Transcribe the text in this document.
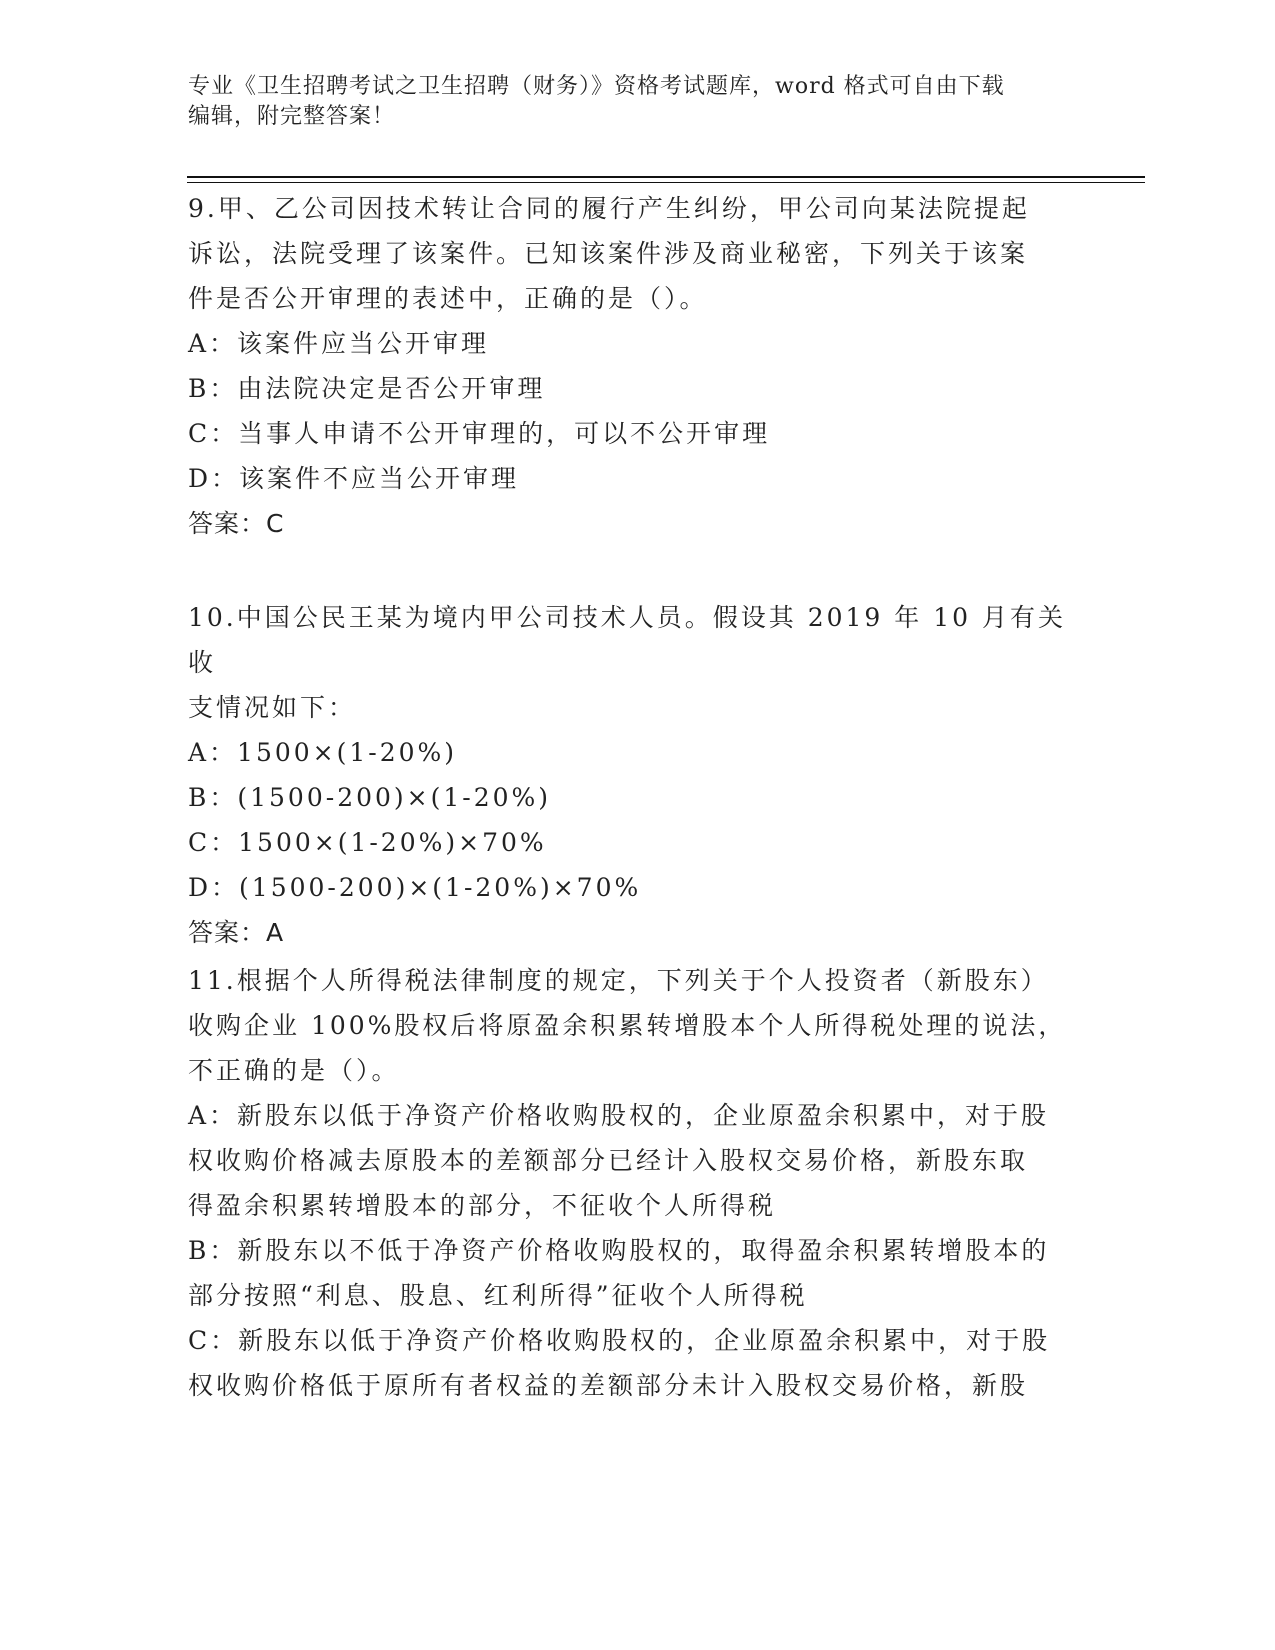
专业《卫生招聘考试之卫生招聘（财务）》资格考试题库，word 格式可自由下载
编辑，附完整答案！

9.甲、乙公司因技术转让合同的履行产生纠纷，甲公司向某法院提起

诉讼，法院受理了该案件。已知该案件涉及商业秘密，下列关于该案

件是否公开审理的表述中，正确的是（）。

A：该案件应当公开审理

B：由法院决定是否公开审理

C：当事人申请不公开审理的，可以不公开审理

D：该案件不应当公开审理

答案：C

10.中国公民王某为境内甲公司技术人员。假设其 2019 年 10 月有关收

支情况如下：

A：1500×(1-20%)

B：(1500-200)×(1-20%)

C：1500×(1-20%)×70%

D：(1500-200)×(1-20%)×70%

答案：A

11.根据个人所得税法律制度的规定，下列关于个人投资者（新股东）

收购企业 100%股权后将原盈余积累转增股本个人所得税处理的说法，

不正确的是（）。

A：新股东以低于净资产价格收购股权的，企业原盈余积累中，对于股

权收购价格减去原股本的差额部分已经计入股权交易价格，新股东取

得盈余积累转增股本的部分，不征收个人所得税

B：新股东以不低于净资产价格收购股权的，取得盈余积累转增股本的

部分按照“利息、股息、红利所得”征收个人所得税

C：新股东以低于净资产价格收购股权的，企业原盈余积累中，对于股

权收购价格低于原所有者权益的差额部分未计入股权交易价格，新股
